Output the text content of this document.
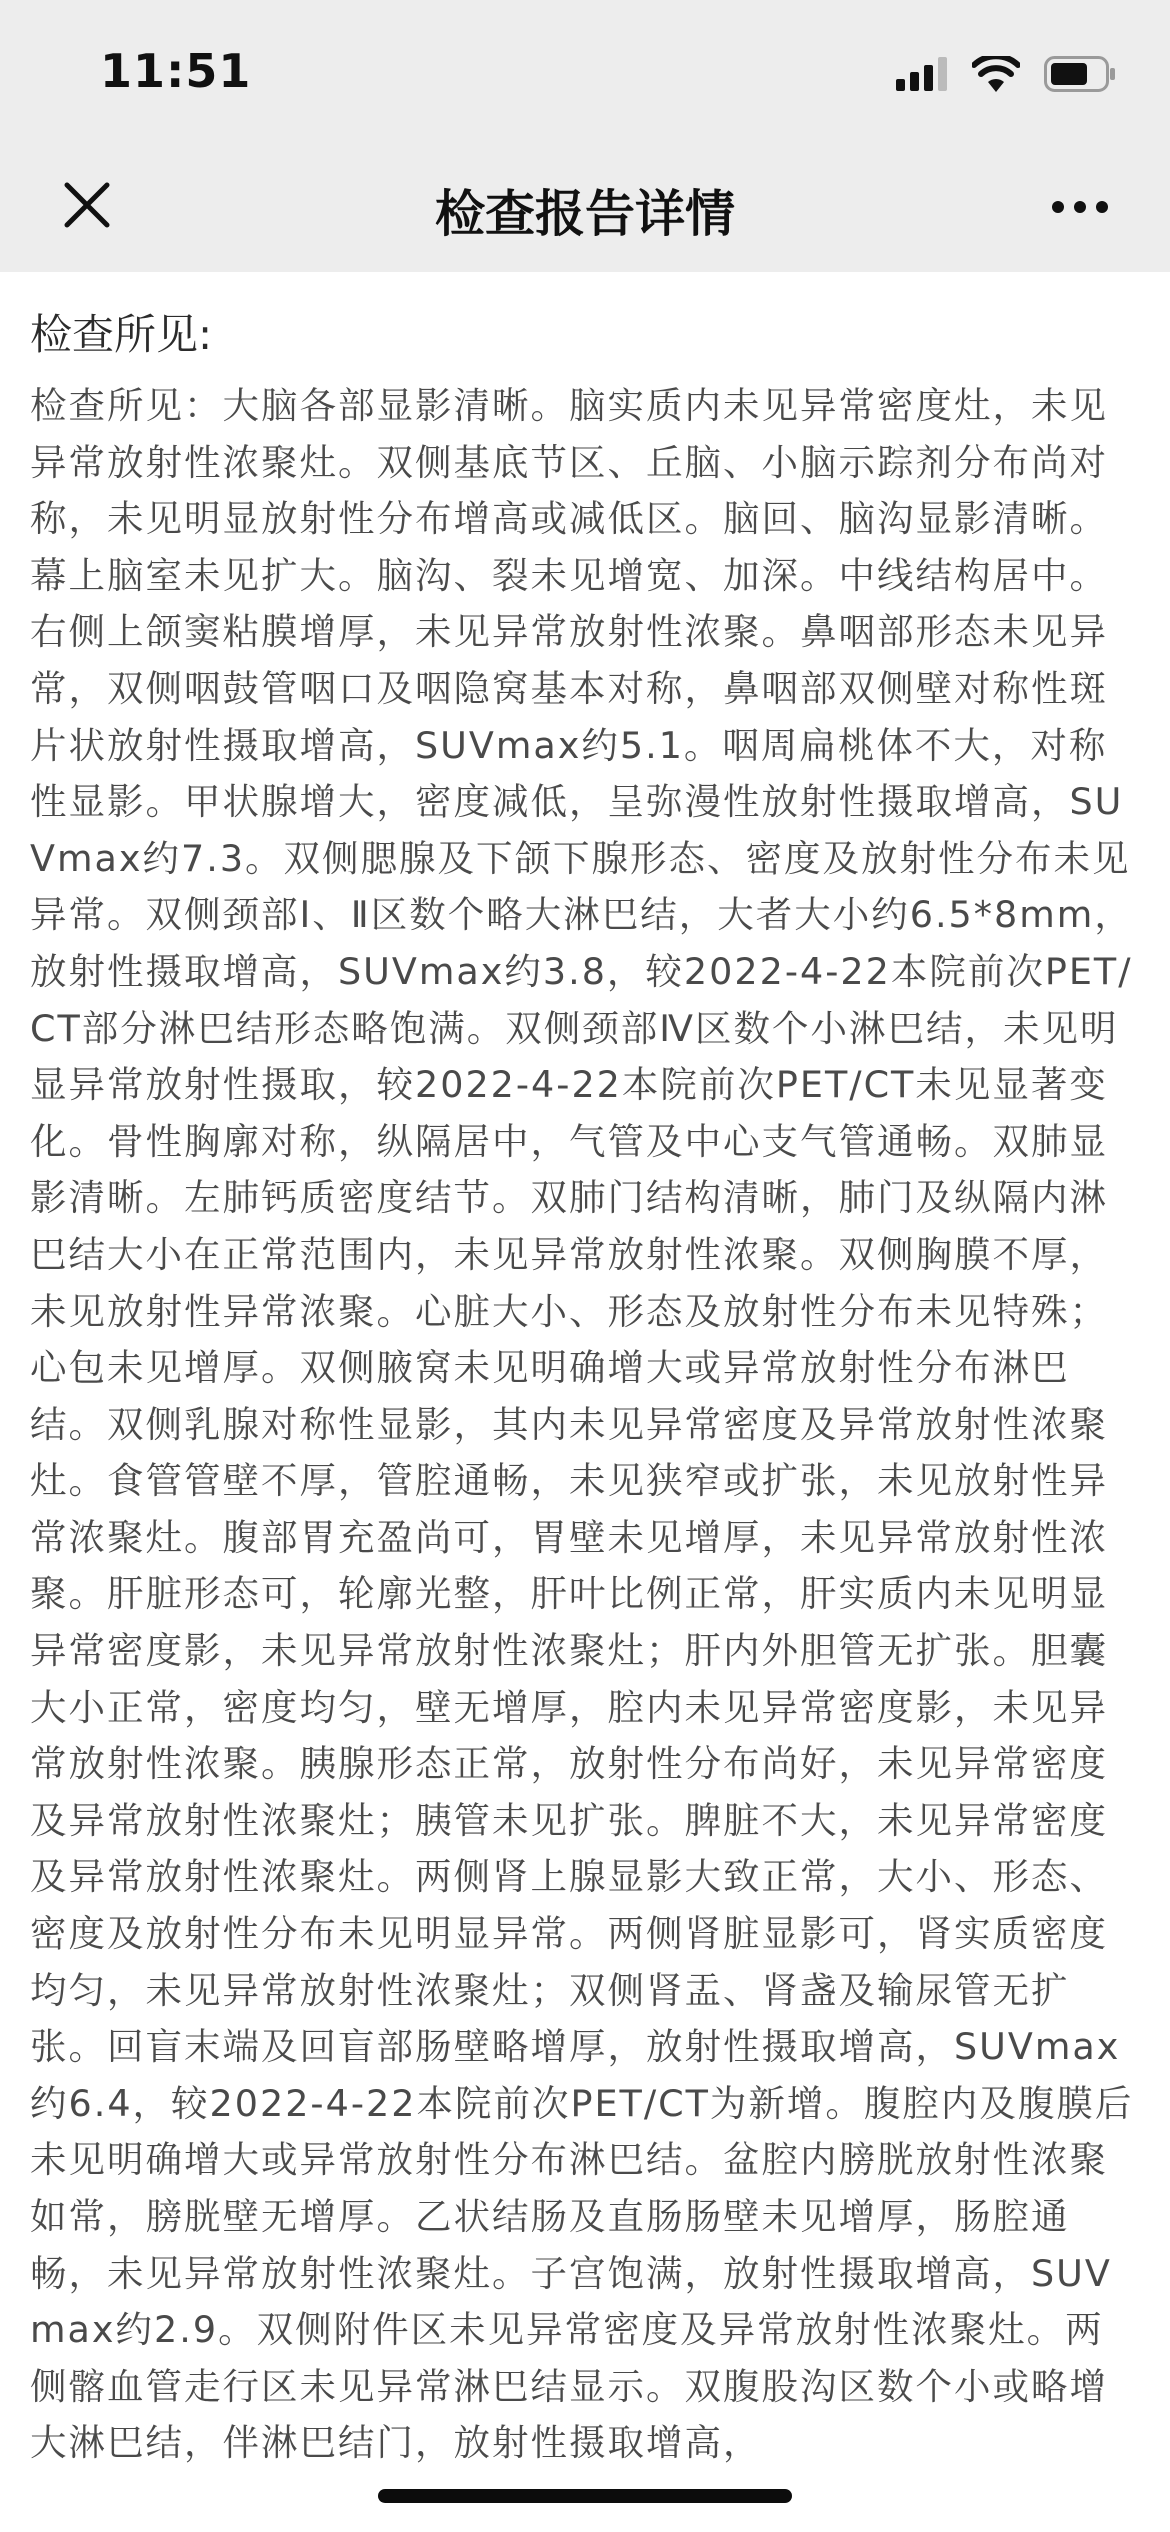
11:51
检查报告详情
检查所见:

检查所见：大脑各部显影清晰。脑实质内未见异常密度灶，未见异常放射性浓聚灶。双侧基底节区、丘脑、小脑示踪剂分布尚对称，未见明显放射性分布增高或减低区。脑回、脑沟显影清晰。幕上脑室未见扩大。脑沟、裂未见增宽、加深。中线结构居中。右侧上颌窦粘膜增厚，未见异常放射性浓聚。鼻咽部形态未见异常，双侧咽鼓管咽口及咽隐窝基本对称，鼻咽部双侧壁对称性斑片状放射性摄取增高，SUVmax约5.1。咽周扁桃体不大，对称性显影。甲状腺增大，密度减低，呈弥漫性放射性摄取增高，SUVmax约7.3。双侧腮腺及下颌下腺形态、密度及放射性分布未见异常。双侧颈部Ⅰ、Ⅱ区数个略大淋巴结，大者大小约6.5*8mm，放射性摄取增高，SUVmax约3.8，较2022-4-22本院前次PET/CT部分淋巴结形态略饱满。双侧颈部Ⅳ区数个小淋巴结，未见明显异常放射性摄取，较2022-4-22本院前次PET/CT未见显著变化。骨性胸廓对称，纵隔居中，气管及中心支气管通畅。双肺显影清晰。左肺钙质密度结节。双肺门结构清晰，肺门及纵隔内淋巴结大小在正常范围内，未见异常放射性浓聚。双侧胸膜不厚，未见放射性异常浓聚。心脏大小、形态及放射性分布未见特殊；心包未见增厚。双侧腋窝未见明确增大或异常放射性分布淋巴结。双侧乳腺对称性显影，其内未见异常密度及异常放射性浓聚灶。食管管壁不厚，管腔通畅，未见狭窄或扩张，未见放射性异常浓聚灶。腹部胃充盈尚可，胃壁未见增厚，未见异常放射性浓聚。肝脏形态可，轮廓光整，肝叶比例正常，肝实质内未见明显异常密度影，未见异常放射性浓聚灶；肝内外胆管无扩张。胆囊大小正常，密度均匀，壁无增厚，腔内未见异常密度影，未见异常放射性浓聚。胰腺形态正常，放射性分布尚好，未见异常密度及异常放射性浓聚灶；胰管未见扩张。脾脏不大，未见异常密度及异常放射性浓聚灶。两侧肾上腺显影大致正常，大小、形态、密度及放射性分布未见明显异常。两侧肾脏显影可，肾实质密度均匀，未见异常放射性浓聚灶；双侧肾盂、肾盏及输尿管无扩张。回盲末端及回盲部肠壁略增厚，放射性摄取增高，SUVmax约6.4，较2022-4-22本院前次PET/CT为新增。腹腔内及腹膜后未见明确增大或异常放射性分布淋巴结。盆腔内膀胱放射性浓聚如常，膀胱壁无增厚。乙状结肠及直肠肠壁未见增厚，肠腔通畅，未见异常放射性浓聚灶。子宫饱满，放射性摄取增高，SUVmax约2.9。双侧附件区未见异常密度及异常放射性浓聚灶。两侧髂血管走行区未见异常淋巴结显示。双腹股沟区数个小或略增大淋巴结，伴淋巴结门，放射性摄取增高，
